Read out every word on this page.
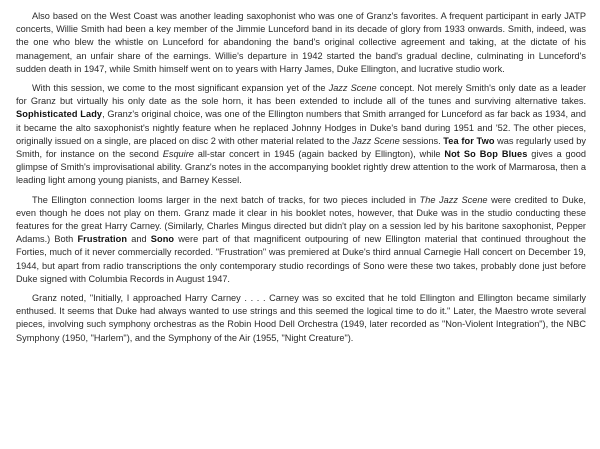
Also based on the West Coast was another leading saxophonist who was one of Granz's favorites. A frequent participant in early JATP concerts, Willie Smith had been a key member of the Jimmie Lunceford band in its decade of glory from 1933 onwards. Smith, indeed, was the one who blew the whistle on Lunceford for abandoning the band's original collective agreement and taking, at the dictate of his management, an unfair share of the earnings. Willie's departure in 1942 started the band's gradual decline, culminating in Lunceford's sudden death in 1947, while Smith himself went on to years with Harry James, Duke Ellington, and lucrative studio work.

With this session, we come to the most significant expansion yet of the Jazz Scene concept. Not merely Smith's only date as a leader for Granz but virtually his only date as the sole horn, it has been extended to include all of the tunes and surviving alternative takes. Sophisticated Lady, Granz's original choice, was one of the Ellington numbers that Smith arranged for Lunceford as far back as 1934, and it became the alto saxophonist's nightly feature when he replaced Johnny Hodges in Duke's band during 1951 and '52. The other pieces, originally issued on a single, are placed on disc 2 with other material related to the Jazz Scene sessions. Tea for Two was regularly used by Smith, for instance on the second Esquire all-star concert in 1945 (again backed by Ellington), while Not So Bop Blues gives a good glimpse of Smith's improvisational ability. Granz's notes in the accompanying booklet rightly drew attention to the work of Marmarosa, then a leading light among young pianists, and Barney Kessel.

The Ellington connection looms larger in the next batch of tracks, for two pieces included in The Jazz Scene were credited to Duke, even though he does not play on them. Granz made it clear in his booklet notes, however, that Duke was in the studio conducting these features for the great Harry Carney. (Similarly, Charles Mingus directed but didn't play on a session led by his baritone saxophonist, Pepper Adams.) Both Frustration and Sono were part of that magnificent outpouring of new Ellington material that continued throughout the Forties, much of it never commercially recorded. "Frustration" was premiered at Duke's third annual Carnegie Hall concert on December 19, 1944, but apart from radio transcriptions the only contemporary studio recordings of Sono were these two takes, probably done just before Duke signed with Columbia Records in August 1947.

Granz noted, "Initially, I approached Harry Carney . . . . Carney was so excited that he told Ellington and Ellington became similarly enthused. It seems that Duke had always wanted to use strings and this seemed the logical time to do it." Later, the Maestro wrote several pieces, involving such symphony orchestras as the Robin Hood Dell Orchestra (1949, later recorded as "Non-Violent Integration"), the NBC Symphony (1950, "Harlem"), and the Symphony of the Air (1955, "Night Creature").
